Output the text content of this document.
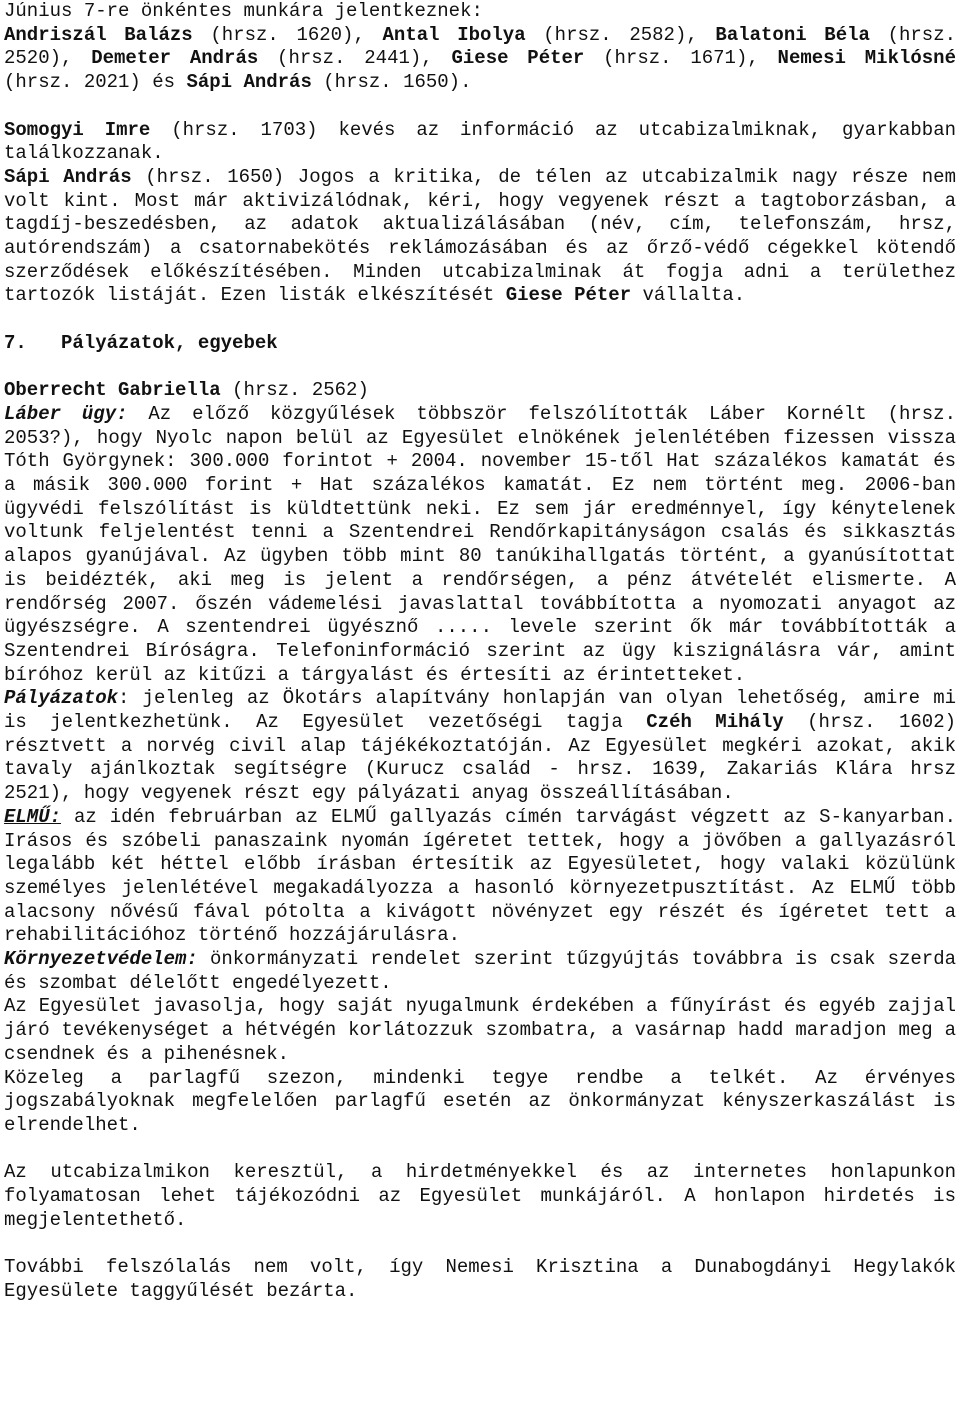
Június 7-re önkéntes munkára jelentkeznek:

Andriszál Balázs (hrsz. 1620), Antal Ibolya (hrsz. 2582), Balatoni Béla (hrsz. 2520), Demeter András (hrsz. 2441), Giese Péter (hrsz. 1671), Nemesi Miklósné (hrsz. 2021) és Sápi András (hrsz. 1650).

Somogyi Imre (hrsz. 1703) kevés az információ az utcabizalmiknak, gyarkabban találkozzanak.

Sápi András (hrsz. 1650) Jogos a kritika, de télen az utcabizalmik nagy része nem volt kint. Most már aktivizálódnak, kéri, hogy vegyenek részt a tagtoborzásban, a tagdíj-beszedésben, az adatok aktualizálásában (név, cím, telefonszám, hrsz, autórendszám) a csatornabekötés reklámozásában és az őrző-védő cégekkel kötendő szerződések előkészítésében. Minden utcabizalminak át fogja adni a területhez tartozók listáját. Ezen listák elkészítését Giese Péter vállalta.

7. Pályázatok, egyebek

Oberrecht Gabriella (hrsz. 2562)

Láber ügy: Az előző közgyűlések többször felszólították Láber Kornélt (hrsz. 2053?), hogy Nyolc napon belül az Egyesület elnökének jelenlétében fizessen vissza Tóth Györgynek: 300.000 forintot + 2004. november 15-től Hat százalékos kamatát és a másik 300.000 forint + Hat százalékos kamatát. Ez nem történt meg. 2006-ban ügyvédi felszólítást is küldtettünk neki. Ez sem jár eredménnyel, így kénytelenek voltunk feljelentést tenni a Szentendrei Rendőrkapitányságon csalás és sikkasztás alapos gyanújával. Az ügyben több mint 80 tanúkihallgatás történt, a gyanúsítottat is beidézték, aki meg is jelent a rendőrségen, a pénz átvételét elismerte. A rendőrség 2007. őszén vádemelési javaslattal továbbította a nyomozati anyagot az ügyészségre. A szentendrei ügyésznő ..... levele szerint ők már továbbították a Szentendrei Bíróságra. Telefoninformáció szerint az ügy kiszignálásra vár, amint bíróhoz kerül az kitűzi a tárgyalást és értesíti az érintetteket.

Pályázatok: jelenleg az Ökotárs alapítvány honlapján van olyan lehetőség, amire mi is jelentkezhetünk. Az Egyesület vezetőségi tagja Czéh Mihály (hrsz. 1602) résztvett a norvég civil alap tájékékoztatóján. Az Egyesület megkéri azokat, akik tavaly ajánlkoztak segítségre (Kurucz család - hrsz. 1639, Zakariás Klára hrsz 2521), hogy vegyenek részt egy pályázati anyag összeállításában.

ELMŰ: az idén februárban az ELMŰ gallyazás címén tarvágást végzett az S-kanyarban. Irásos és szóbeli panaszaink nyomán ígéretet tettek, hogy a jövőben a gallyazásról legalább két héttel előbb írásban értesítik az Egyesületet, hogy valaki közülünk személyes jelenlétével megakadályozza a hasonló környezetpusztítást. Az ELMŰ több alacsony nővésű fával pótolta a kivágott növényzet egy részét és ígéretet tett a rehabilitációhoz történő hozzájárulásra.

Környezetvédelem: önkormányzati rendelet szerint tűzgyújtás továbbra is csak szerda és szombat délelőtt engedélyezett.

Az Egyesület javasolja, hogy saját nyugalmunk érdekében a fűnyírást és egyéb zajjal járó tevékenységet a hétvégén korlátozzuk szombatra, a vasárnap hadd maradjon meg a csendnek és a pihenésnek.

Közeleg a parlagfű szezon, mindenki tegye rendbe a telkét. Az érvényes jogszabályoknak megfelelően parlagfű esetén az önkormányzat kényszerkaszálást is elrendelhet.

Az utcabizalmikon keresztül, a hirdetményekkel és az internetes honlapunkon folyamatosan lehet tájékozódni az Egyesület munkájáról. A honlapon hirdetés is megjelentethető.

További felszólalás nem volt, így Nemesi Krisztina a Dunabogdányi Hegylakók Egyesülete taggyűlését bezárta.
